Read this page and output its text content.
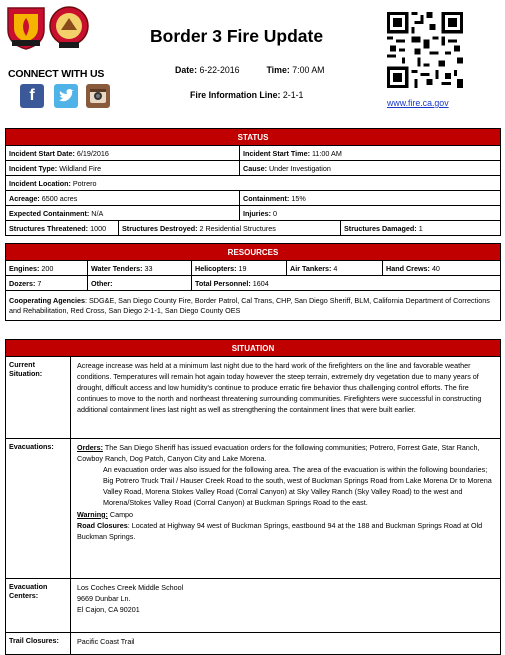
CONNECT WITH US
f
Border 3 Fire Update
Date: 6-22-2016	Time: 7:00 AM
Fire Information Line: 2-1-1
www.fire.ca.gov
STATUS			
Incident Start Date: 6/19/2016		Incident Start Time: 11:00 AM	
Incident Type: Wildland Fire		Cause: Under Investigation	
Incident Location: Potrero			
Acreage: 6500 acres		Containment: 15%	
Expected Containment: N/A		Injuries: 0	
Structures Threatened: 1000	Structures Destroyed: 2 Residential Structures		Structures Damaged: 1
RESOURCES				
Engines: 200	Water Tenders: 33	Helicopters: 19	Air Tankers: 4	Hand Crews: 40
Dozers: 7	Other:	Total Personnel: 1604		
Cooperating Agencies: SDG&E, San Diego County Fire, Border Patrol, Cal Trans, CHP, San Diego Sheriff, BLM, California Department of Corrections and Rehabilitation, Red Cross, San Diego 2-1-1, San Diego County OES				
SITUATION	
Current Situation:	Acreage increase was held at a minimum last night due to the hard work of the firefighters on the line and favorable weather conditions. Temperatures will remain hot again today however the steep terrain, extremely dry vegetation due to many years of drought, difficult access and low humidity's continue to produce erratic fire behavior thus challenging control efforts. The fire continues to move to the north and northeast threatening surrounding communities. Firefighters were successful in constructing additional containment lines last night as well as strengthening the containment lines that were built earlier.
Evacuations:	Orders: The San Diego Sheriff has issued evacuation orders for the following communities; Potrero, Forrest Gate, Star Ranch, Cowboy Ranch, Dog Patch, Canyon City and Lake Morena.
An evacuation order was also issued for the following area. The area of the evacuation is within the following boundaries; Big Potrero Truck Trail / Hauser Creek Road to the south, west of Buckman Springs Road from Lake Morena Dr to Morena Valley Road, Morena Stokes Valley Road (Corral Canyon) at Sky Valley Ranch (Sky Valley Road) to the west and Morena/Stokes Valley Road (Corral Canyon) at Buckman Springs Road to the east.
Warning: Campo
Road Closures: Located at Highway 94 west of Buckman Springs, eastbound 94 at the 188 and Buckman Springs Road at Old Buckman Springs.
Evacuation Centers:	Los Coches Creek Middle School
9669 Dunbar Ln.
El Cajon, CA 90201
Trail Closures:	Pacific Coast Trail
